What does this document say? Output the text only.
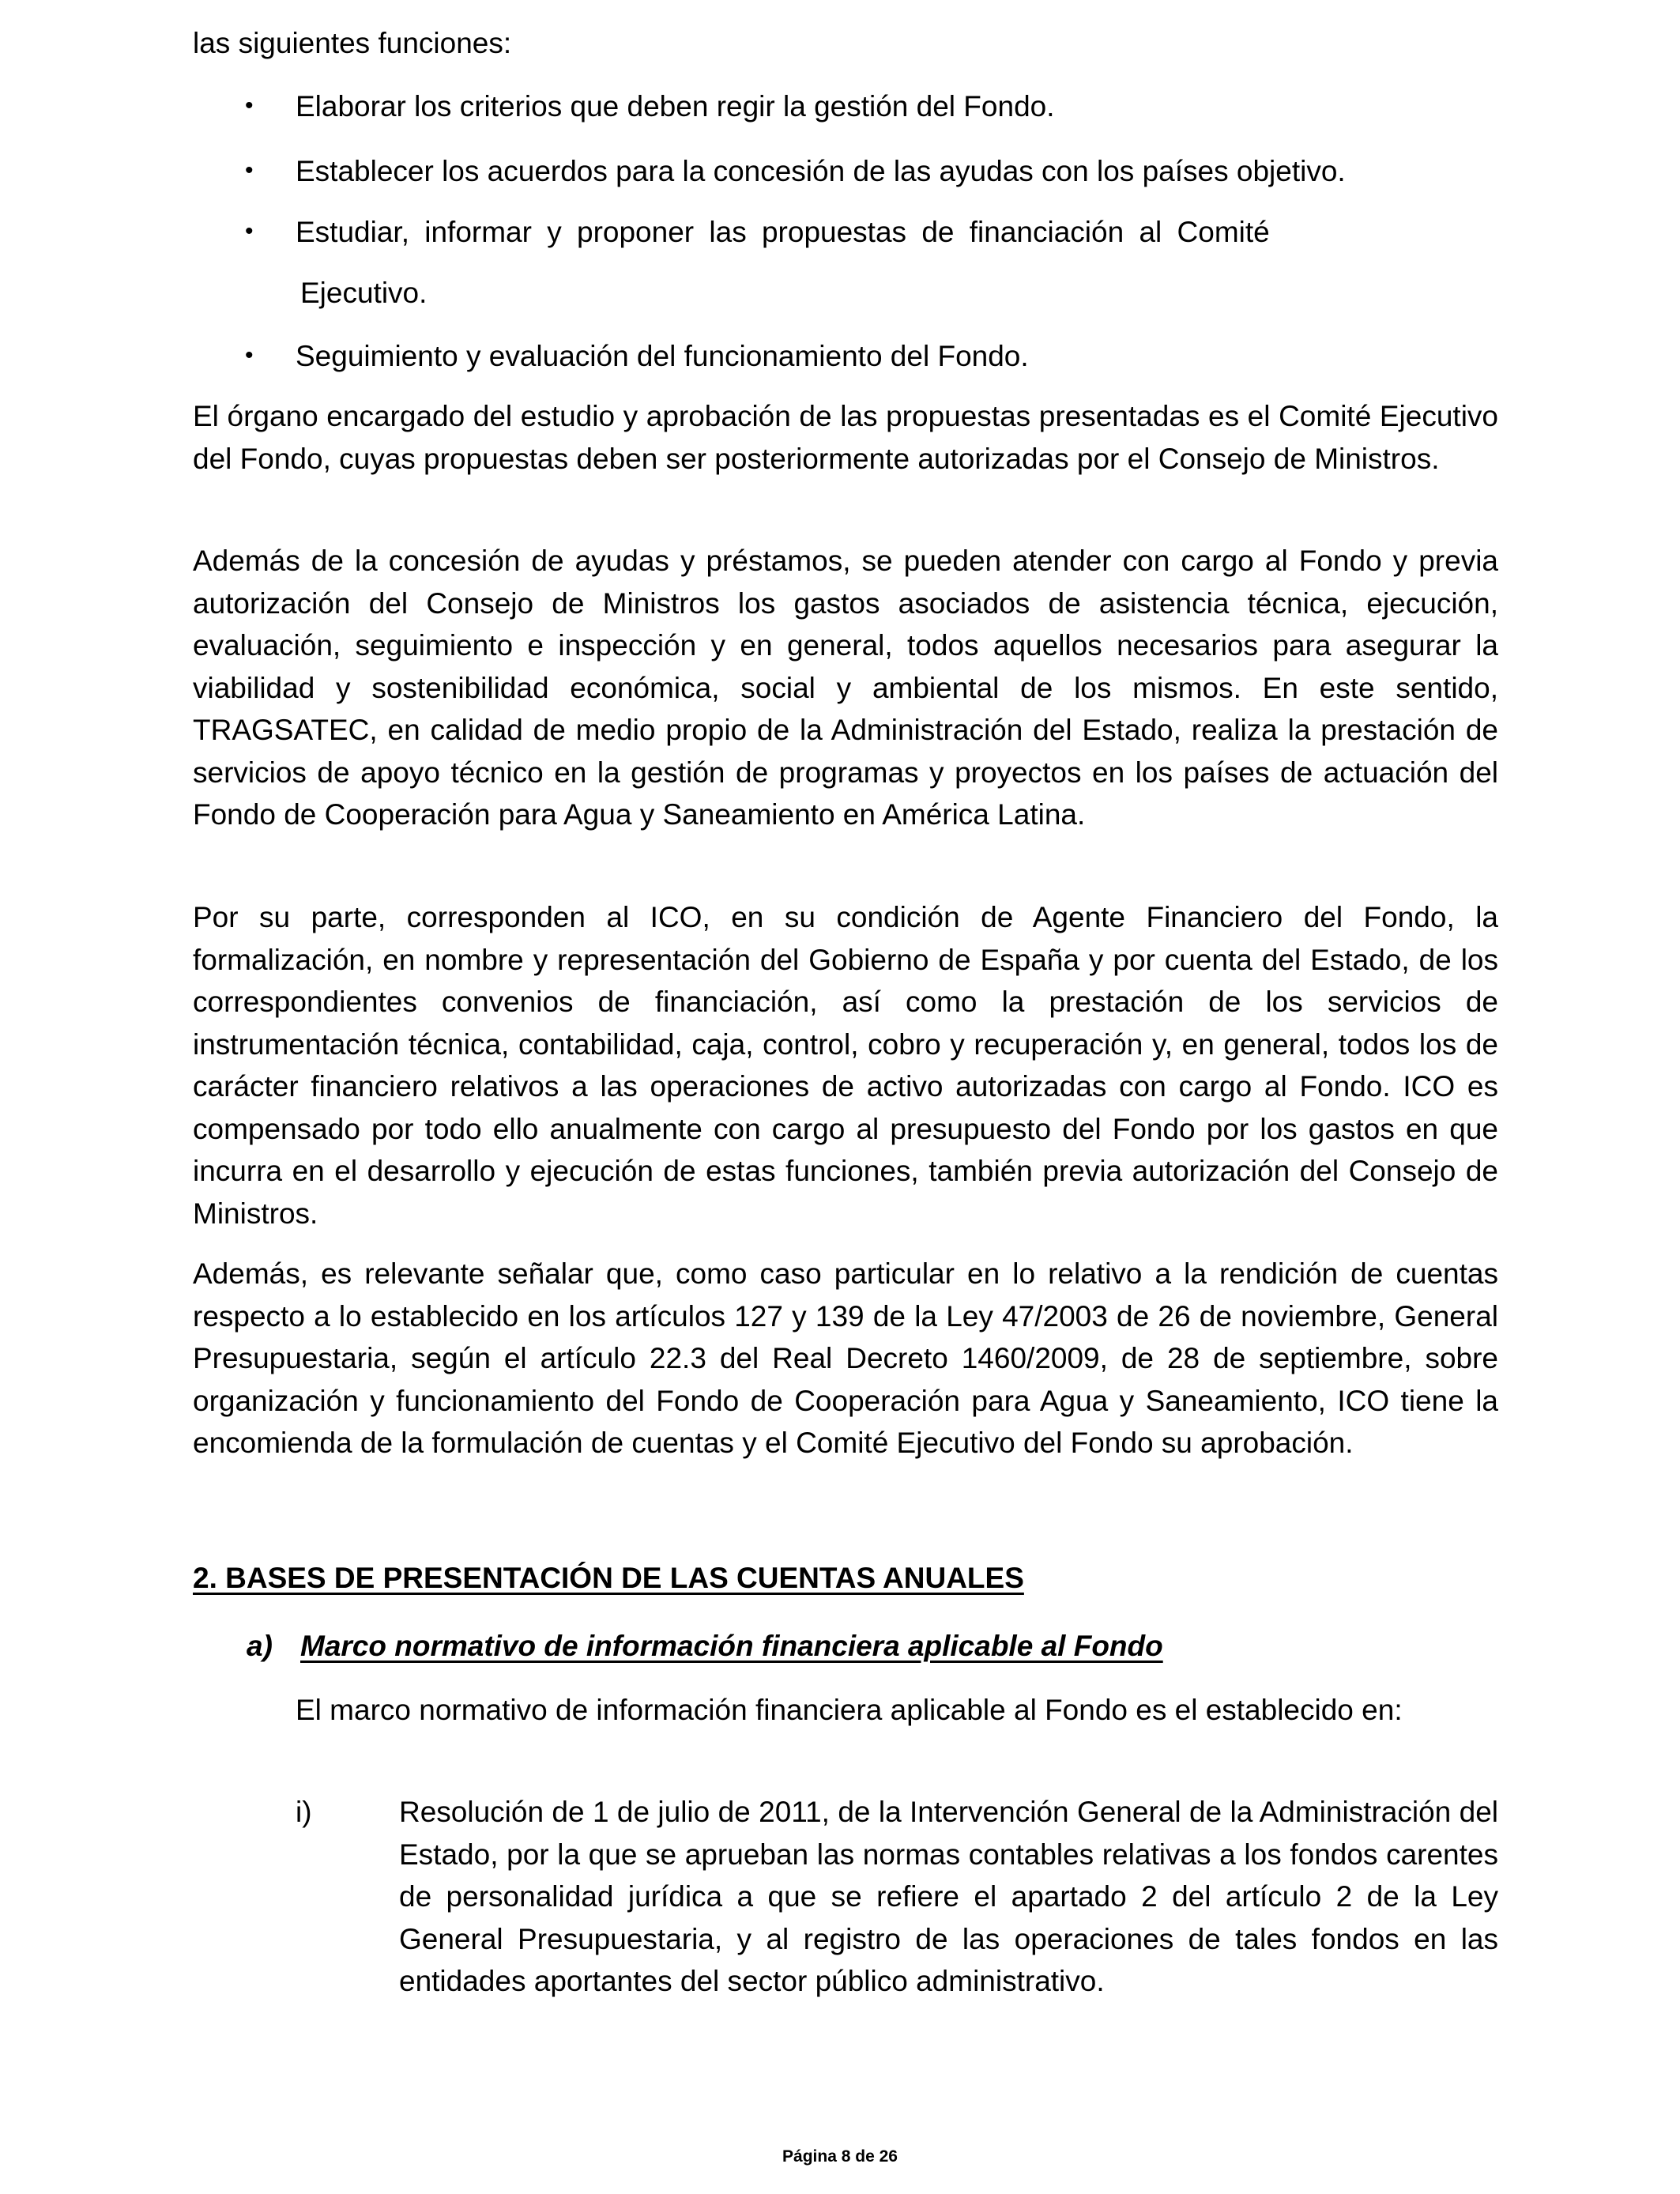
las siguientes funciones:

• Elaborar los criterios que deben regir la gestión del Fondo.
• Establecer los acuerdos para la concesión de las ayudas con los países objetivo.
• Estudiar, informar y proponer las propuestas de financiación al Comité
Ejecutivo.
• Seguimiento y evaluación del funcionamiento del Fondo.

El órgano encargado del estudio y aprobación de las propuestas presentadas es el Comité Ejecutivo del Fondo, cuyas propuestas deben ser posteriormente autorizadas por el Consejo de Ministros.

Además de la concesión de ayudas y préstamos, se pueden atender con cargo al Fondo y previa autorización del Consejo de Ministros los gastos asociados de asistencia técnica, ejecución, evaluación, seguimiento e inspección y en general, todos aquellos necesarios para asegurar la viabilidad y sostenibilidad económica, social y ambiental de los mismos. En este sentido, TRAGSATEC, en calidad de medio propio de la Administración del Estado, realiza la prestación de servicios de apoyo técnico en la gestión de programas y proyectos en los países de actuación del Fondo de Cooperación para Agua y Saneamiento en América Latina.

Por su parte, corresponden al ICO, en su condición de Agente Financiero del Fondo, la formalización, en nombre y representación del Gobierno de España y por cuenta del Estado, de los correspondientes convenios de financiación, así como la prestación de los servicios de instrumentación técnica, contabilidad, caja, control, cobro y recuperación y, en general, todos los de carácter financiero relativos a las operaciones de activo autorizadas con cargo al Fondo. ICO es compensado por todo ello anualmente con cargo al presupuesto del Fondo por los gastos en que incurra en el desarrollo y ejecución de estas funciones, también previa autorización del Consejo de Ministros.

Además, es relevante señalar que, como caso particular en lo relativo a la rendición de cuentas respecto a lo establecido en los artículos 127 y 139 de la Ley 47/2003 de 26 de noviembre, General Presupuestaria, según el artículo 22.3 del Real Decreto 1460/2009, de 28 de septiembre, sobre organización y funcionamiento del Fondo de Cooperación para Agua y Saneamiento, ICO tiene la encomienda de la formulación de cuentas y el Comité Ejecutivo del Fondo su aprobación.

2. BASES DE PRESENTACIÓN DE LAS CUENTAS ANUALES
a) Marco normativo de información financiera aplicable al Fondo

El marco normativo de información financiera aplicable al Fondo es el establecido en:

i)	Resolución de 1 de julio de 2011, de la Intervención General de la Administración del Estado, por la que se aprueban las normas contables relativas a los fondos carentes de personalidad jurídica a que se refiere el apartado 2 del artículo 2 de la Ley General Presupuestaria, y al registro de las operaciones de tales fondos en las entidades aportantes del sector público administrativo.

Página 8 de 26
